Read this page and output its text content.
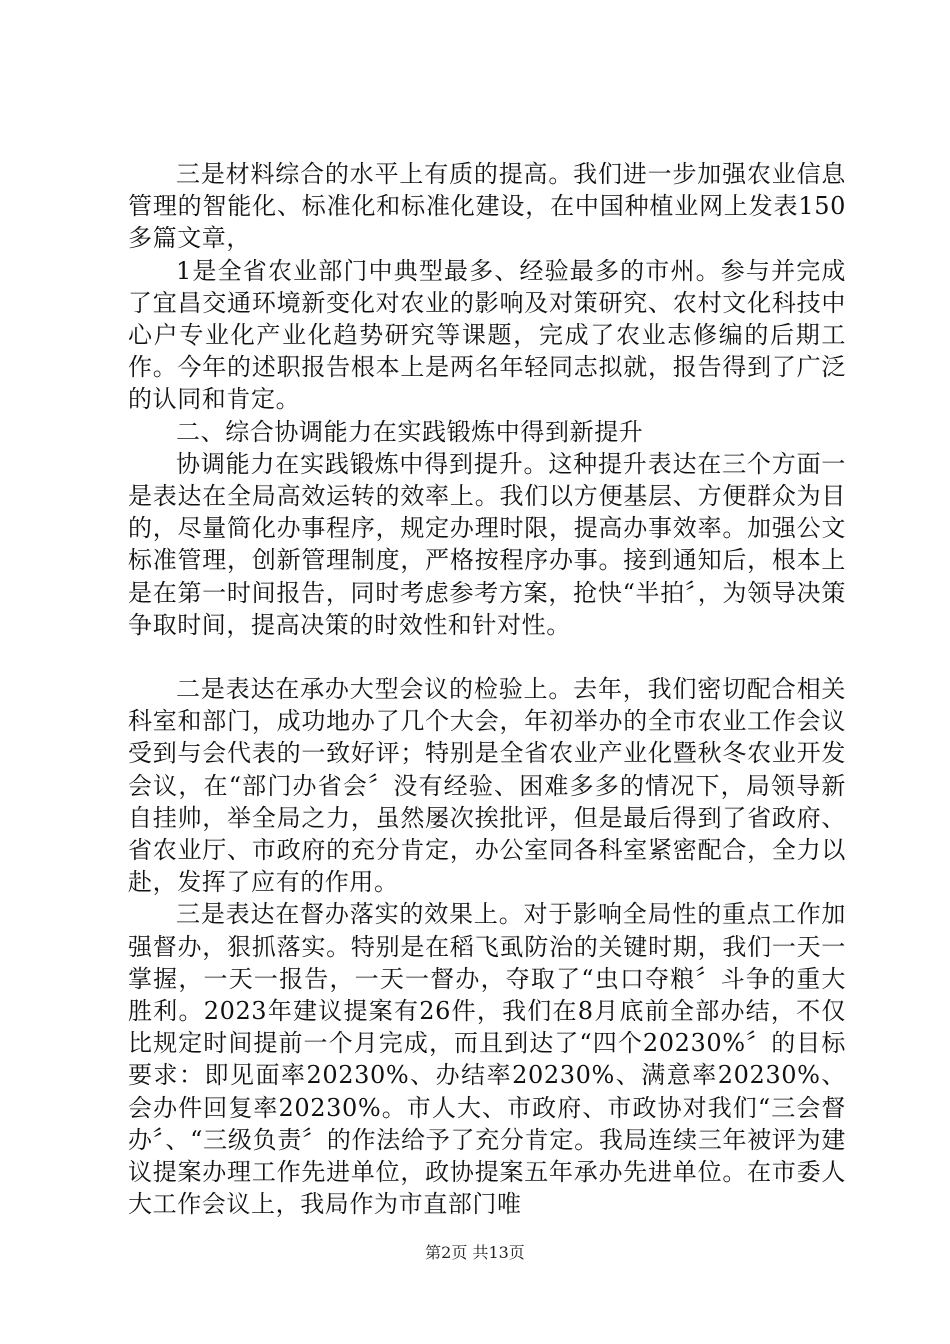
三是材料综合的水平上有质的提高。我们进一步加强农业信息管理的智能化、标准化和标准化建设，在中国种植业网上发表150多篇文章，

1是全省农业部门中典型最多、经验最多的市州。参与并完成了宜昌交通环境新变化对农业的影响及对策研究、农村文化科技中心户专业化产业化趋势研究等课题，完成了农业志修编的后期工作。今年的述职报告根本上是两名年轻同志拟就，报告得到了广泛的认同和肯定。

二、综合协调能力在实践锻炼中得到新提升

协调能力在实践锻炼中得到提升。这种提升表达在三个方面一是表达在全局高效运转的效率上。我们以方便基层、方便群众为目的，尽量简化办事程序，规定办理时限，提高办事效率。加强公文标准管理，创新管理制度，严格按程序办事。接到通知后，根本上是在第一时间报告，同时考虑参考方案，抢快“半拍〞，为领导决策争取时间，提高决策的时效性和针对性。

二是表达在承办大型会议的检验上。去年，我们密切配合相关科室和部门，成功地办了几个大会，年初举办的全市农业工作会议受到与会代表的一致好评；特别是全省农业产业化暨秋冬农业开发会议，在“部门办省会〞没有经验、困难多多的情况下，局领导新自挂帅，举全局之力，虽然屡次挨批评，但是最后得到了省政府、省农业厅、市政府的充分肯定，办公室同各科室紧密配合，全力以赴，发挥了应有的作用。

三是表达在督办落实的效果上。对于影响全局性的重点工作加强督办，狠抓落实。特别是在稻飞虱防治的关键时期，我们一天一掌握，一天一报告，一天一督办，夺取了“虫口夺粮〞斗争的重大胜利。2023年建议提案有26件，我们在8月底前全部办结，不仅比规定时间提前一个月完成，而且到达了“四个20230%〞的目标要求：即见面率20230%、办结率20230%、满意率20230%、会办件回复率20230%。市人大、市政府、市政协对我们“三会督办〞、“三级负责〞的作法给予了充分肯定。我局连续三年被评为建议提案办理工作先进单位，政协提案五年承办先进单位。在市委人大工作会议上，我局作为市直部门唯

第2页 共13页
